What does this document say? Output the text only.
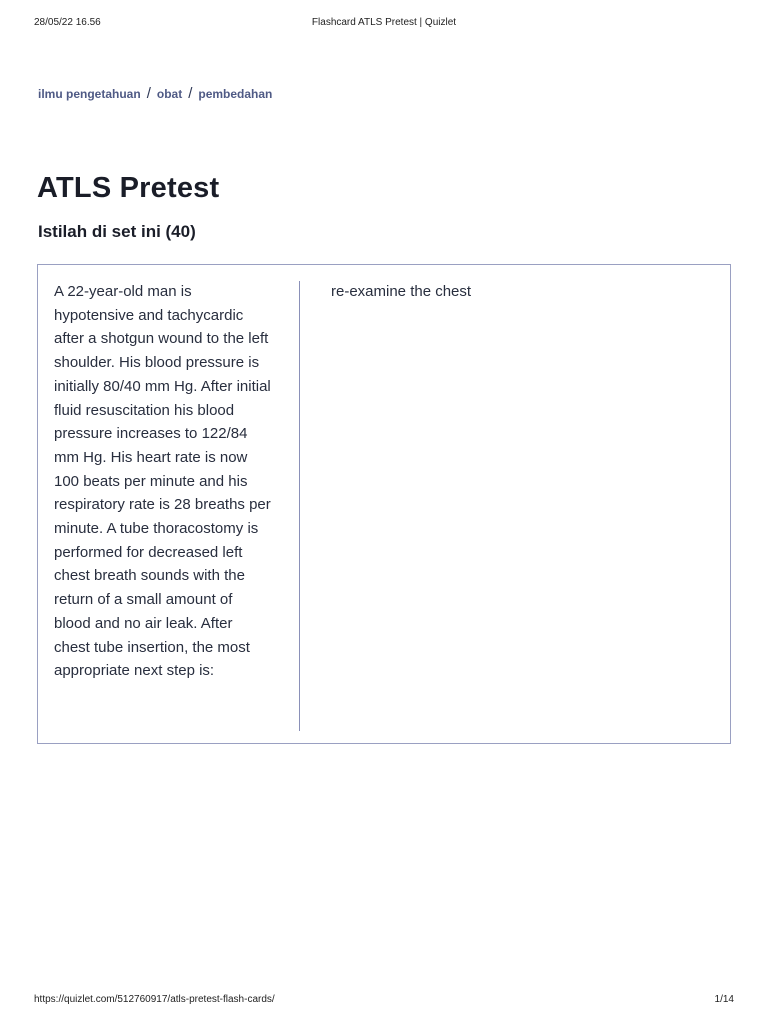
28/05/22 16.56	Flashcard ATLS Pretest | Quizlet
ilmu pengetahuan / obat / pembedahan
ATLS Pretest
Istilah di set ini (40)
A 22-year-old man is hypotensive and tachycardic after a shotgun wound to the left shoulder. His blood pressure is initially 80/40 mm Hg. After initial fluid resuscitation his blood pressure increases to 122/84 mm Hg. His heart rate is now 100 beats per minute and his respiratory rate is 28 breaths per minute. A tube thoracostomy is performed for decreased left chest breath sounds with the return of a small amount of blood and no air leak. After chest tube insertion, the most appropriate next step is:
re-examine the chest
https://quizlet.com/512760917/atls-pretest-flash-cards/	1/14
